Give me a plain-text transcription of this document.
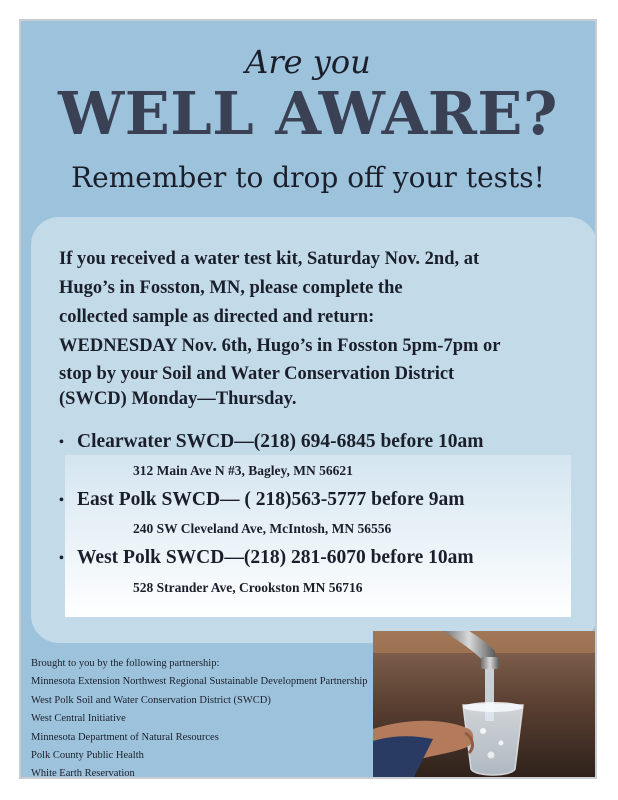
Are you
WELL AWARE?
Remember to drop off your tests!
If you received a water test kit, Saturday Nov. 2nd, at
Hugo’s in Fosston, MN, please complete the
collected sample as directed and return:
WEDNESDAY Nov. 6th, Hugo’s in Fosston 5pm-7pm or
stop by your Soil and Water Conservation District
(SWCD) Monday—Thursday.

• Clearwater SWCD—(218) 694-6845 before 10am

312 Main Ave N #3, Bagley, MN 56621

• East Polk SWCD— ( 218)563-5777 before 9am

240 SW Cleveland Ave, McIntosh, MN 56556

• West Polk SWCD—(218) 281-6070 before 10am

528 Strander Ave, Crookston MN 56716

Brought to you by the following partnership:
Minnesota Extension Northwest Regional Sustainable Development Partnership
West Polk Soil and Water Conservation District (SWCD)
West Central Initiative
Minnesota Department of Natural Resources
Polk County Public Health
White Earth Reservation
